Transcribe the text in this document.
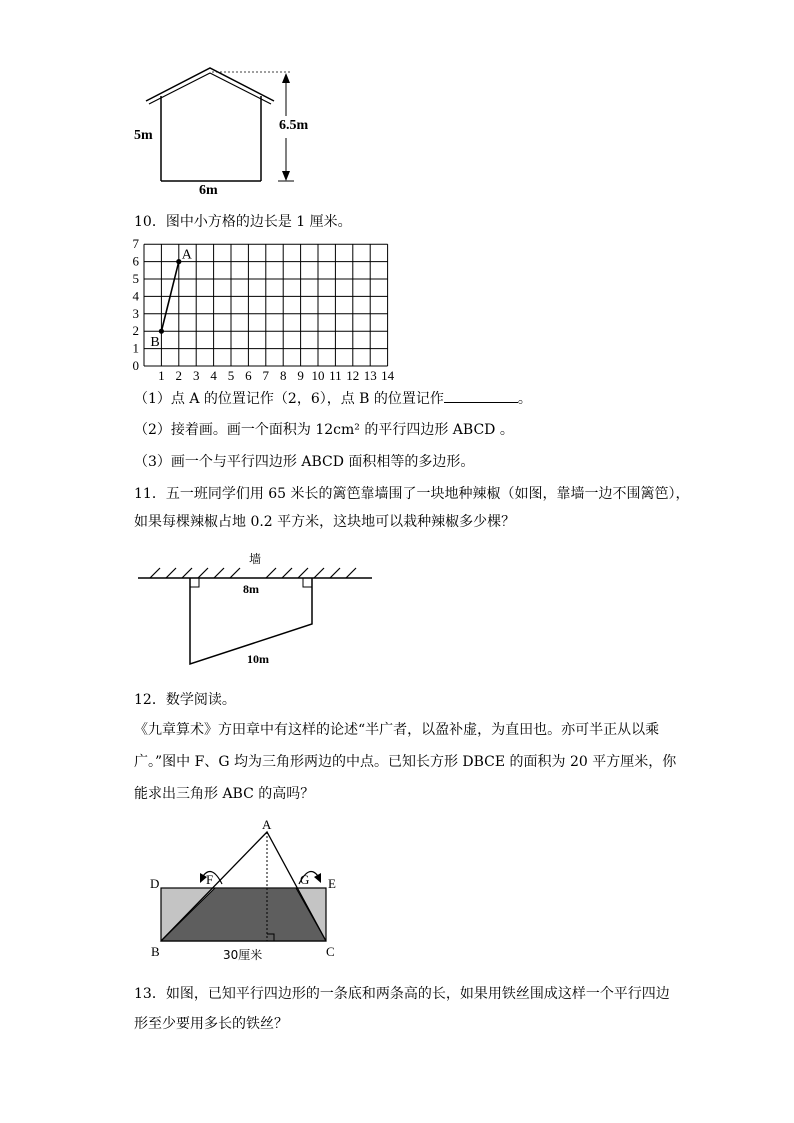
5m
6.5m
6m
10．图中小方格的边长是 1 厘米。
1 2 3 4 5 6 7 8 9 10 11 12 13 14
0
1
2
3
4
5
6
7
A
B
（1）点 A 的位置记作（2，6），点 B 的位置记作	。
（2）接着画。画一个面积为 12cm² 的平行四边形 ABCD 。
（3）画一个与平行四边形 ABCD 面积相等的多边形。
11．五一班同学们用 65 米长的篱笆靠墙围了一块地种辣椒（如图，靠墙一边不围篱笆），
如果每棵辣椒占地 0.2 平方米，这块地可以栽种辣椒多少棵？
墙
8m
10m
12．数学阅读。
《九章算术》方田章中有这样的论述“半广者，以盈补虚，为直田也。亦可半正从以乘
广。”图中 F、G 均为三角形两边的中点。已知长方形 DBCE 的面积为 20 平方厘米，你
能求出三角形 ABC 的高吗？
A
D	E
F	G
B	C
30厘米
13．如图，已知平行四边形的一条底和两条高的长，如果用铁丝围成这样一个平行四边
形至少要用多长的铁丝？
